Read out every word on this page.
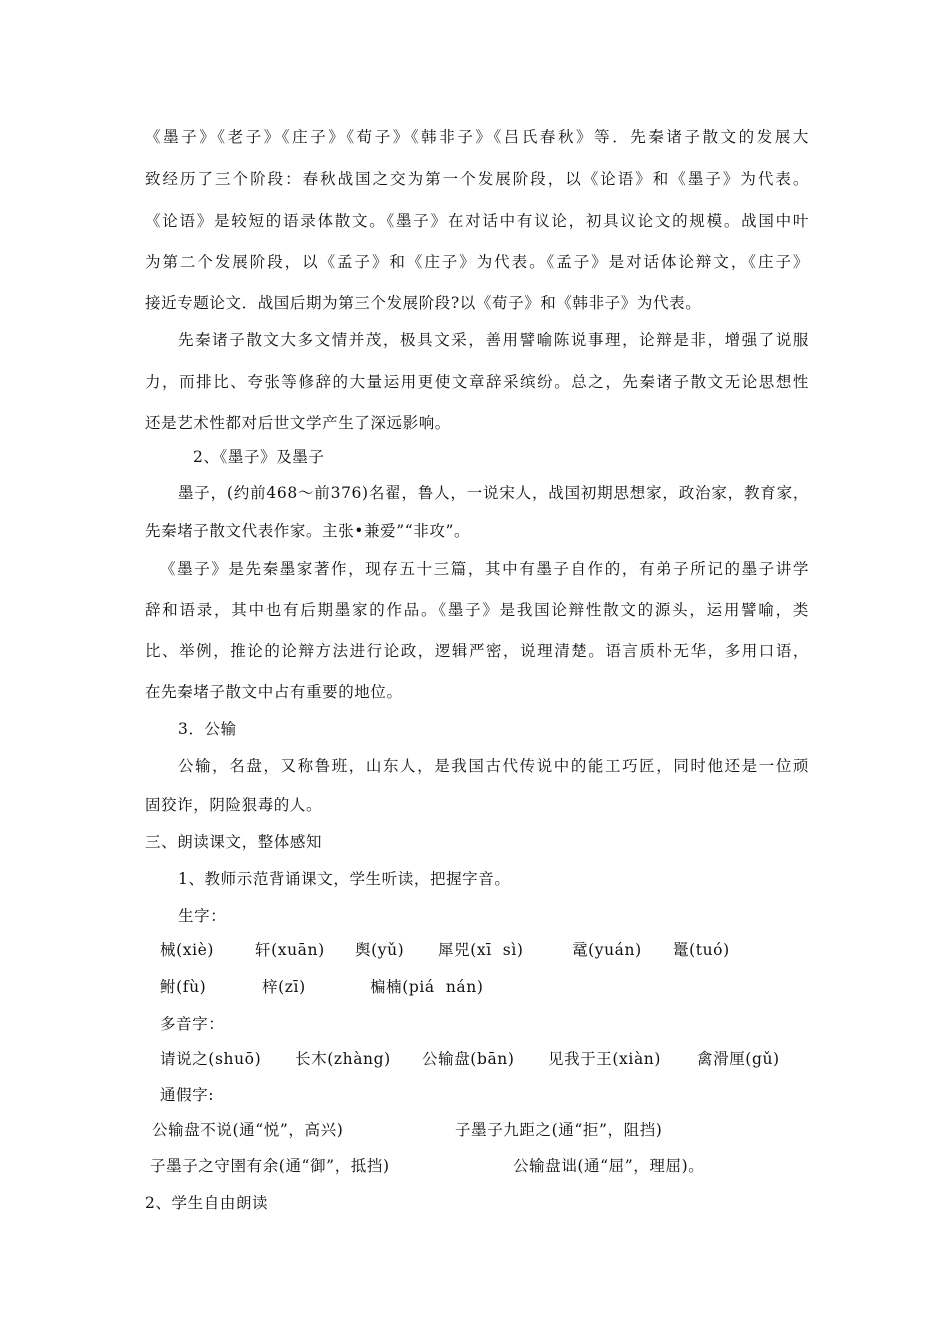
《墨子》《老子》《庄子》《荀子》《韩非子》《吕氏春秋》等．先秦诸子散文的发展大
致经历了三个阶段：春秋战国之交为第一个发展阶段，以《论语》和《墨子》为代表。
《论语》是较短的语录体散文。《墨子》在对话中有议论，初具议论文的规模。战国中叶
为第二个发展阶段，以《孟子》和《庄子》为代表。《孟子》是对话体论辩文，《庄子》
接近专题论文．战国后期为第三个发展阶段?以《荀子》和《韩非子》为代表。
先秦诸子散文大多文情并茂，极具文采，善用譬喻陈说事理，论辩是非，增强了说服
力，而排比、夸张等修辞的大量运用更使文章辞采缤纷。总之，先秦诸子散文无论思想性
还是艺术性都对后世文学产生了深远影响。
2、《墨子》及墨子
墨子，(约前468～前376)名翟，鲁人，一说宋人，战国初期思想家，政治家，教育家，
先秦堵子散文代表作家。主张•兼爱”“非攻”。
《墨子》是先秦墨家著作，现存五十三篇，其中有墨子自作的，有弟子所记的墨子讲学
辞和语录，其中也有后期墨家的作品。《墨子》是我国论辩性散文的源头，运用譬喻，类
比、举例，推论的论辩方法进行论政，逻辑严密，说理清楚。语言质朴无华，多用口语，
在先秦堵子散文中占有重要的地位。
3．公输
公输，名盘，又称鲁班，山东人，是我国古代传说中的能工巧匠，同时他还是一位顽
固狡诈，阴险狠毒的人。
三、朗读课文，整体感知
1、教师示范背诵课文，学生听读，把握字音。
生字：
械(xiè)	轩(xuān) 舆(yǔ) 犀兕(xī  sì)	鼋(yuán) 鼍(tuó)
鲋(fù)	梓(zī)	楄楠(piá  nán)
多音字：
请说之(shuō) 长木(zhàng) 公输盘(bān) 见我于王(xiàn) 禽滑厘(gǔ)
通假字:
公输盘不说(通“悦”，高兴)	子墨子九距之(通“拒”，阻挡)
子墨子之守圉有余(通“御”，抵挡)	公输盘诎(通“屈”，理屈)。
2、学生自由朗读
